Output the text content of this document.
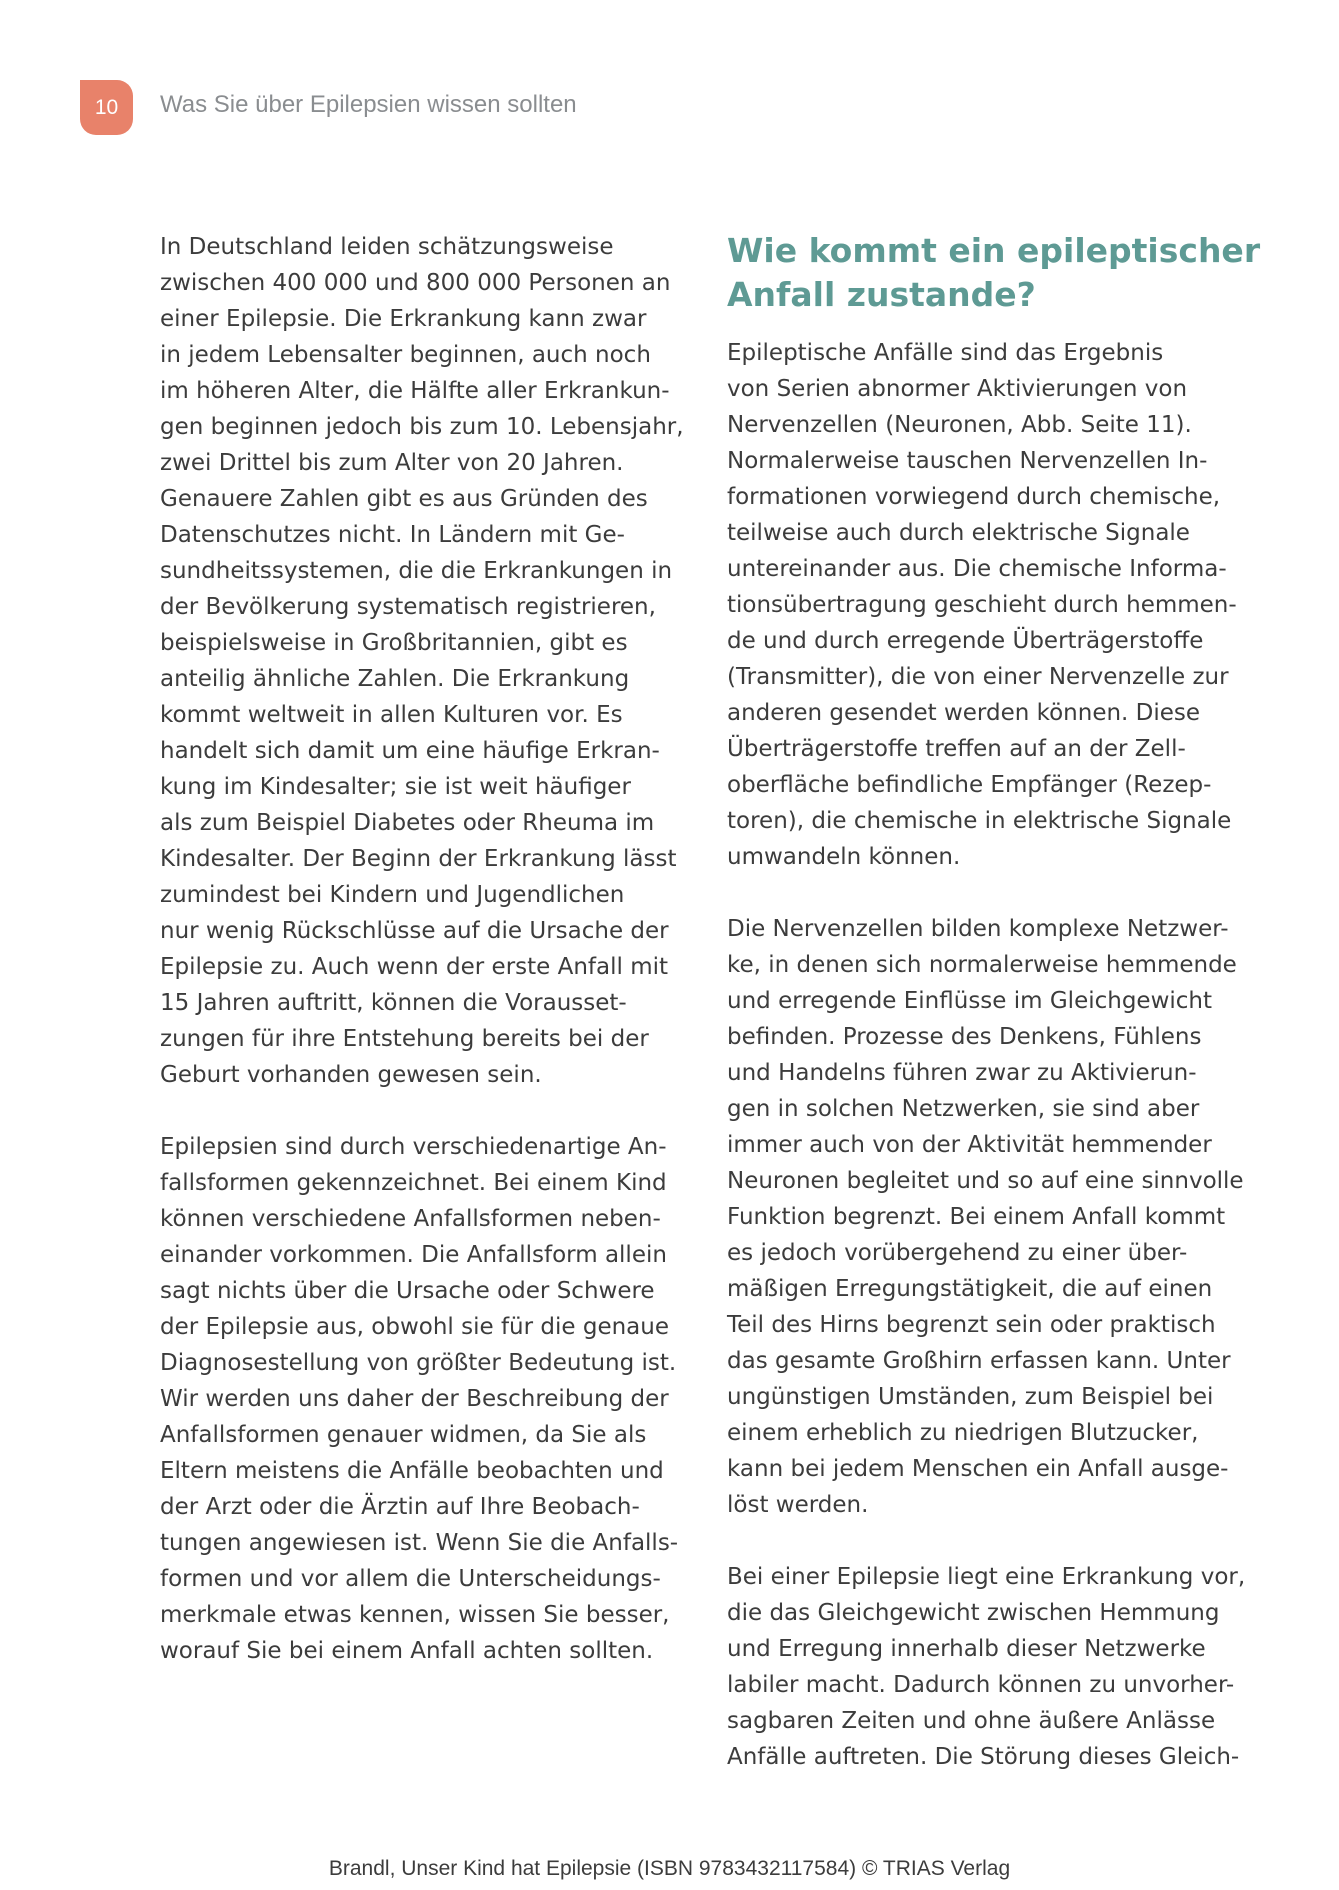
10 Was Sie über Epilepsien wissen sollten
In Deutschland leiden schätzungsweise
zwischen 400 000 und 800 000 Personen an
einer Epilepsie. Die Erkrankung kann zwar
in jedem Lebensalter beginnen, auch noch
im höheren Alter, die Hälfte aller Erkrankun-
gen beginnen jedoch bis zum 10. Lebensjahr,
zwei Drittel bis zum Alter von 20 Jahren.
Genauere Zahlen gibt es aus Gründen des
Datenschutzes nicht. In Ländern mit Ge-
sundheitssystemen, die die Erkrankungen in
der Bevölkerung systematisch registrieren,
beispielsweise in Großbritannien, gibt es
anteilig ähnliche Zahlen. Die Erkrankung
kommt weltweit in allen Kulturen vor. Es
handelt sich damit um eine häufige Erkran-
kung im Kindesalter; sie ist weit häufiger
als zum Beispiel Diabetes oder Rheuma im
Kindesalter. Der Beginn der Erkrankung lässt
zumindest bei Kindern und Jugendlichen
nur wenig Rückschlüsse auf die Ursache der
Epilepsie zu. Auch wenn der erste Anfall mit
15 Jahren auftritt, können die Vorausset-
zungen für ihre Entstehung bereits bei der
Geburt vorhanden gewesen sein.
Epilepsien sind durch verschiedenartige An-
fallsformen gekennzeichnet. Bei einem Kind
können verschiedene Anfallsformen neben-
einander vorkommen. Die Anfallsform allein
sagt nichts über die Ursache oder Schwere
der Epilepsie aus, obwohl sie für die genaue
Diagnosestellung von größter Bedeutung ist.
Wir werden uns daher der Beschreibung der
Anfallsformen genauer widmen, da Sie als
Eltern meistens die Anfälle beobachten und
der Arzt oder die Ärztin auf Ihre Beobach-
tungen angewiesen ist. Wenn Sie die Anfalls-
formen und vor allem die Unterscheidungs-
merkmale etwas kennen, wissen Sie besser,
worauf Sie bei einem Anfall achten sollten.
Wie kommt ein epileptischer
Anfall zustande?
Epileptische Anfälle sind das Ergebnis
von Serien abnormer Aktivierungen von
Nervenzellen (Neuronen, Abb. Seite 11).
Normalerweise tauschen Nervenzellen In-
formationen vorwiegend durch chemische,
teilweise auch durch elektrische Signale
untereinander aus. Die chemische Informa-
tionsübertragung geschieht durch hemmen-
de und durch erregende Überträgerstoffe
(Transmitter), die von einer Nervenzelle zur
anderen gesendet werden können. Diese
Überträgerstoffe treffen auf an der Zell-
oberfläche befindliche Empfänger (Rezep-
toren), die chemische in elektrische Signale
umwandeln können.
Die Nervenzellen bilden komplexe Netzwer-
ke, in denen sich normalerweise hemmende
und erregende Einflüsse im Gleichgewicht
befinden. Prozesse des Denkens, Fühlens
und Handelns führen zwar zu Aktivierun-
gen in solchen Netzwerken, sie sind aber
immer auch von der Aktivität hemmender
Neuronen begleitet und so auf eine sinnvolle
Funktion begrenzt. Bei einem Anfall kommt
es jedoch vorübergehend zu einer über-
mäßigen Erregungstätigkeit, die auf einen
Teil des Hirns begrenzt sein oder praktisch
das gesamte Großhirn erfassen kann. Unter
ungünstigen Umständen, zum Beispiel bei
einem erheblich zu niedrigen Blutzucker,
kann bei jedem Menschen ein Anfall ausge-
löst werden.
Bei einer Epilepsie liegt eine Erkrankung vor,
die das Gleichgewicht zwischen Hemmung
und Erregung innerhalb dieser Netzwerke
labiler macht. Dadurch können zu unvorher-
sagbaren Zeiten und ohne äußere Anlässe
Anfälle auftreten. Die Störung dieses Gleich-
Brandl, Unser Kind hat Epilepsie (ISBN 9783432117584) © TRIAS Verlag
